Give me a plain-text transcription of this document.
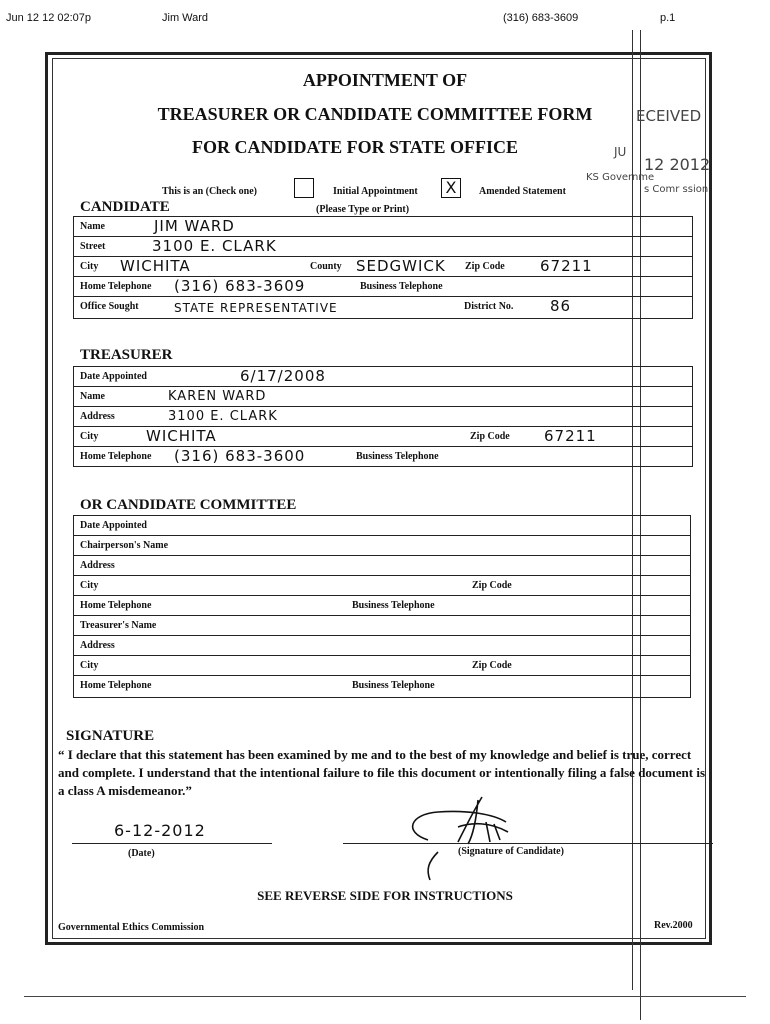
Jun 12 12 02:07p	Jim Ward	(316) 683-3609	p.1
APPOINTMENT OF
TREASURER OR CANDIDATE COMMITTEE FORM
FOR CANDIDATE FOR STATE OFFICE
ECEIVED
JU
12 2012
KS Governme
s Comr ssion
This is an (Check one)	Initial Appointment X	Amended Statement
(Please Type or Print)
CANDIDATE
Name	JIM WARD
Street	3100 E. CLARK
City WICHITA	County SEDGWICK Zip Code 67211
Home Telephone (316) 683-3609	Business Telephone
Office Sought	STATE REPRESENTATIVE	District No. 86
TREASURER
Date Appointed	6/17/2008
Name	KAREN WARD
Address	3100 E. CLARK
City	WICHITA	Zip Code 67211
Home Telephone (316) 683-3600	Business Telephone
OR CANDIDATE COMMITTEE
Date Appointed
Chairperson's Name
Address
City	Zip Code
Home Telephone	Business Telephone
Treasurer's Name
Address
City	Zip Code
Home Telephone	Business Telephone
SIGNATURE
“ I declare that this statement has been examined by me and to the best of my knowledge and belief is true, correct and complete. I understand that the intentional failure to file this document or intentionally filing a false document is a class A misdemeanor.”
6-12-2012
(Date)	(Signature of Candidate)
SEE REVERSE SIDE FOR INSTRUCTIONS
Governmental Ethics Commission	Rev.2000
